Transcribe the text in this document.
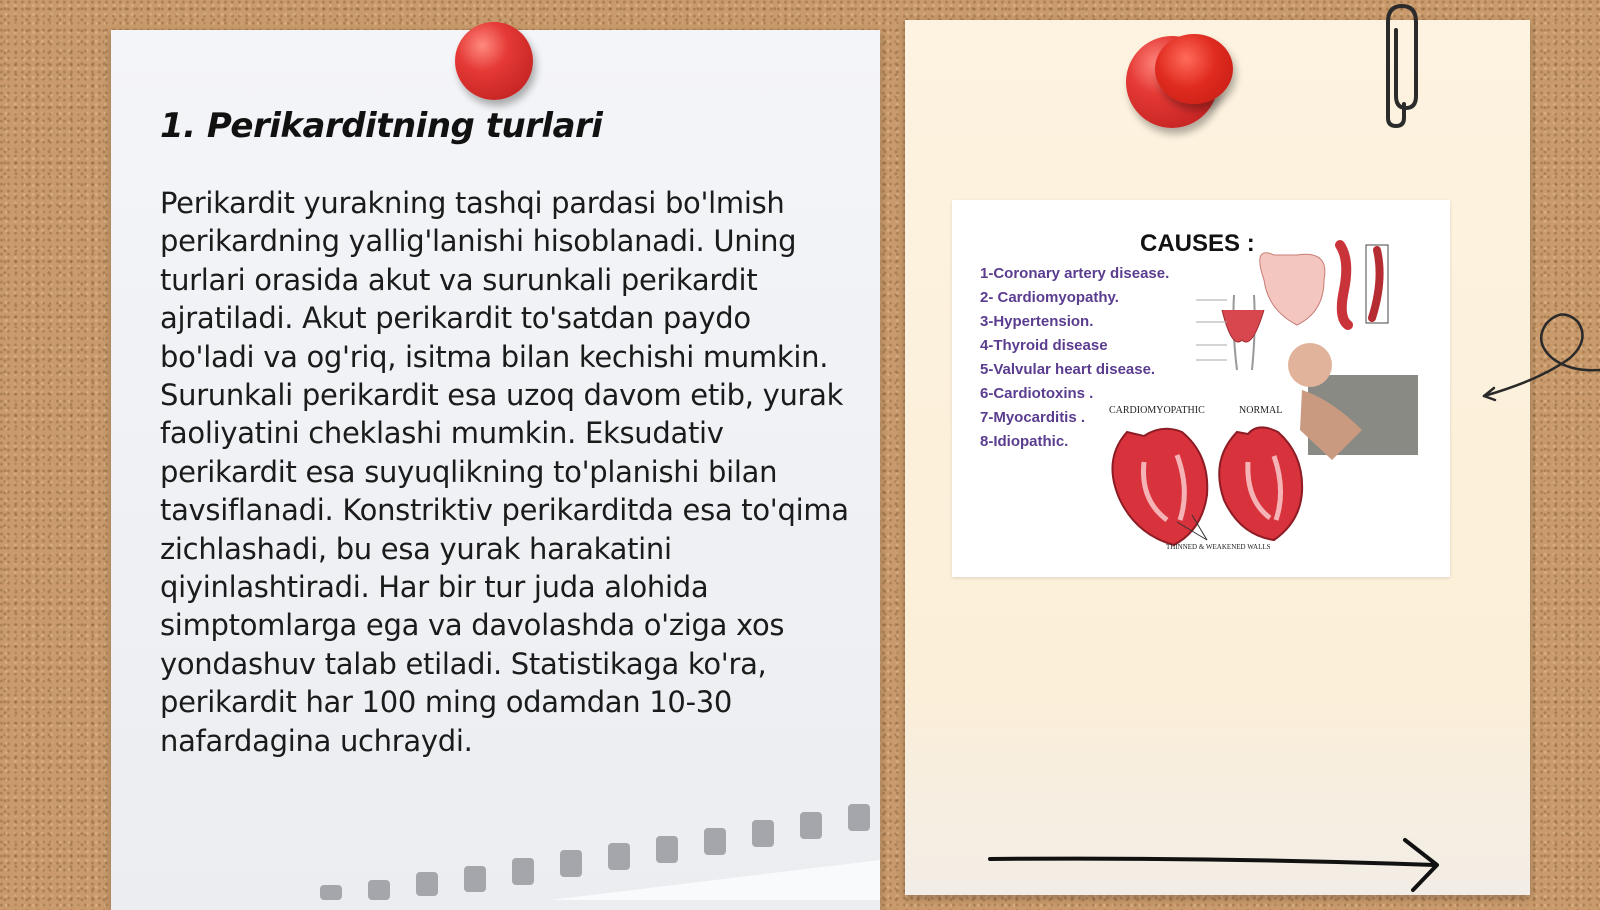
1. Perikarditning turlari

Perikardit yurakning tashqi pardasi bo'lmish perikardning yallig'lanishi hisoblanadi. Uning turlari orasida akut va surunkali perikardit ajratiladi. Akut perikardit to'satdan paydo bo'ladi va og'riq, isitma bilan kechishi mumkin. Surunkali perikardit esa uzoq davom etib, yurak faoliyatini cheklashi mumkin. Eksudativ perikardit esa suyuqlikning to'planishi bilan tavsiflanadi. Konstriktiv perikarditda esa to'qima zichlashadi, bu esa yurak harakatini qiyinlashtiradi. Har bir tur juda alohida simptomlarga ega va davolashda o'ziga xos yondashuv talab etiladi. Statistikaga ko'ra, perikardit har 100 ming odamdan 10-30 nafardagina uchraydi.

CAUSES :
1-Coronary artery disease.
2- Cardiomyopathy.
3-Hypertension.
4-Thyroid disease
5-Valvular heart disease.
6-Cardiotoxins .
7-Myocarditis .
8-Idiopathic.
CARDIOMYOPATHIC	NORMAL
THINNED & WEAKENED WALLS
